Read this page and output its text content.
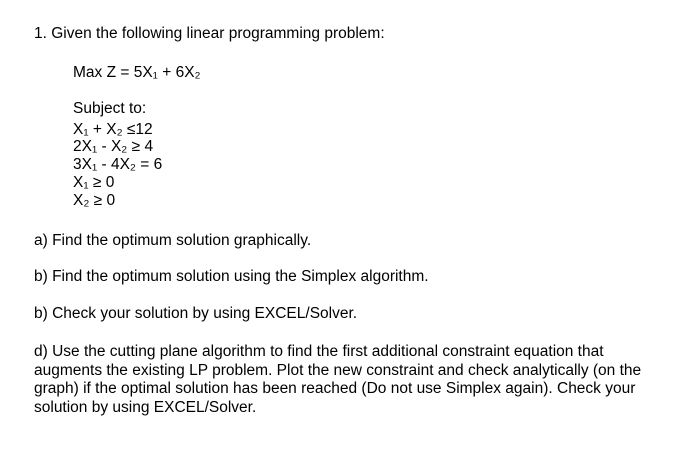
1. Given the following linear programming problem:
Max Z = 5X₁ + 6X₂
Subject to:
X₁ + X₂ ≤12
2X₁ - X₂ ≥ 4
3X₁ - 4X₂ = 6
X₁ ≥ 0
X₂ ≥ 0
a) Find the optimum solution graphically.
b) Find the optimum solution using the Simplex algorithm.
b) Check your solution by using EXCEL/Solver.
d) Use the cutting plane algorithm to find the first additional constraint equation that augments the existing LP problem. Plot the new constraint and check analytically (on the graph) if the optimal solution has been reached (Do not use Simplex again). Check your solution by using EXCEL/Solver.
